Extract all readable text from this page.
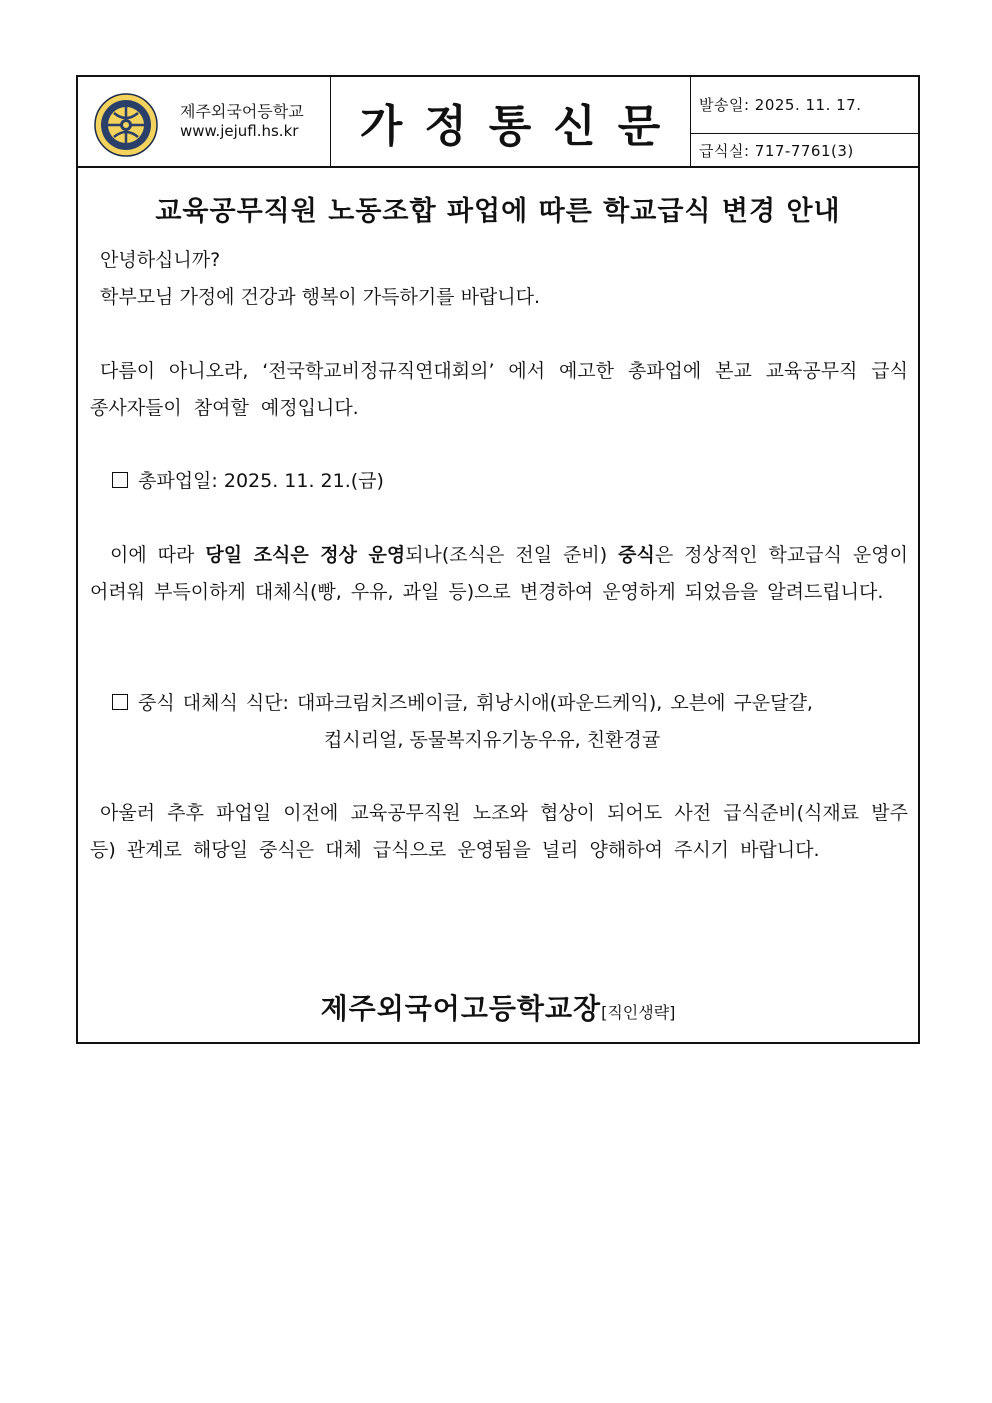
제주외국어등학교
www.jejufl.hs.kr 가정통신문 발송일: 2025. 11. 17.
급식실: 717-7761(3)
교육공무직원 노동조합 파업에 따른 학교급식 변경 안내

안녕하십니까?

학부모님 가정에 건강과 행복이 가득하기를 바랍니다.

다름이 아니오라, ‘전국학교비정규직연대회의’ 에서 예고한 총파업에 본교 교육공무직 급식종사자들이 참여할 예정입니다.

총파업일: 2025. 11. 21.(금)

이에 따라 당일 조식은 정상 운영되나(조식은 전일 준비) 중식은 정상적인 학교급식 운영이 어려워 부득이하게 대체식(빵, 우유, 과일 등)으로 변경하여 운영하게 되었음을 알려드립니다.

중식 대체식 식단: 대파크림치즈베이글, 휘낭시애(파운드케익), 오븐에 구운달걀,

컵시리얼, 동물복지유기농우유, 친환경귤

아울러 추후 파업일 이전에 교육공무직원 노조와 협상이 되어도 사전 급식준비(식재료 발주 등) 관계로 해당일 중식은 대체 급식으로 운영됨을 널리 양해하여 주시기 바랍니다.

제주외국어고등학교장[직인생략]
